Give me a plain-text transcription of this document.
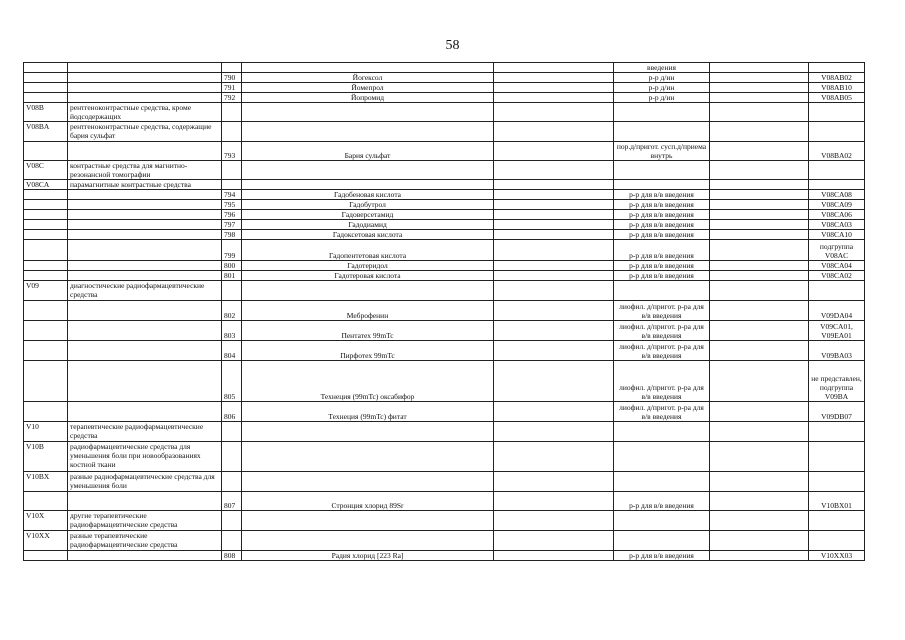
58
					введения		
		790	Йогексол		р-р д/ин		V08AB02
		791	Йомепрол		р-р д/ин		V08AB10
		792	Йопромид		р-р д/ин		V08AB05
V08B	рентгеноконтрастные средства, кроме йодсодержащих						
V08BA	рентгеноконтрастные средства, содержащие бария сульфат						
		793	Бария сульфат		пор.д/пригот. сусп.д/приема внутрь		V08BA02
V08C	контрастные средства для магнитно-резонансной томографии						
V08CA	парамагнитные контрастные средства						
		794	Гадобеновая кислота		р-р для в/в введения		V08CA08
		795	Гадобутрол		р-р для в/в введения		V08CA09
		796	Гадоверсетамид		р-р для в/в введения		V08CA06
		797	Гадодиамид		р-р для в/в введения		V08CA03
		798	Гадоксетовая кислота		р-р для в/в введения		V08CA10
		799	Гадопентетовая кислота		р-р для в/в введения		подгруппа V08AC
		800	Гадотеридол		р-р для в/в введения		V08CA04
		801	Гадотеровая кислота		р-р для в/в введения		V08CA02
V09	диагностические радиофармацевтические средства						
		802	Меброфенин		лиофил. д/пригот. р-ра для в/в введения		V09DA04
		803	Пентатех 99mTc		лиофил. д/пригот. р-ра для в/в введения		V09CA01, V09EA01
		804	Пирфотех 99mTc		лиофил. д/пригот. р-ра для в/в введения		V09BA03
		805	Технеция (99mTc) оксабифор		лиофил. д/пригот. р-ра для в/в введения		не представлен, подгруппа V09BA
		806	Технеция (99mTc) фитат		лиофил. д/пригот. р-ра для в/в введения		V09DB07
V10	терапевтические радиофармацевтические средства						
V10B	радиофармацевтические средства для уменьшения боли при новообразованиях костной ткани						
V10BX	разные радиофармацевтические средства для уменьшения боли						
		807	Стронция хлорид 89Sr		р-р для в/в введения		V10BX01
V10X	другие терапевтические радиофармацевтические средства						
V10XX	разные терапевтические радиофармацевтические средства						
		808	Радия хлорид [223 Ra]		р-р для в/в введения		V10XX03
